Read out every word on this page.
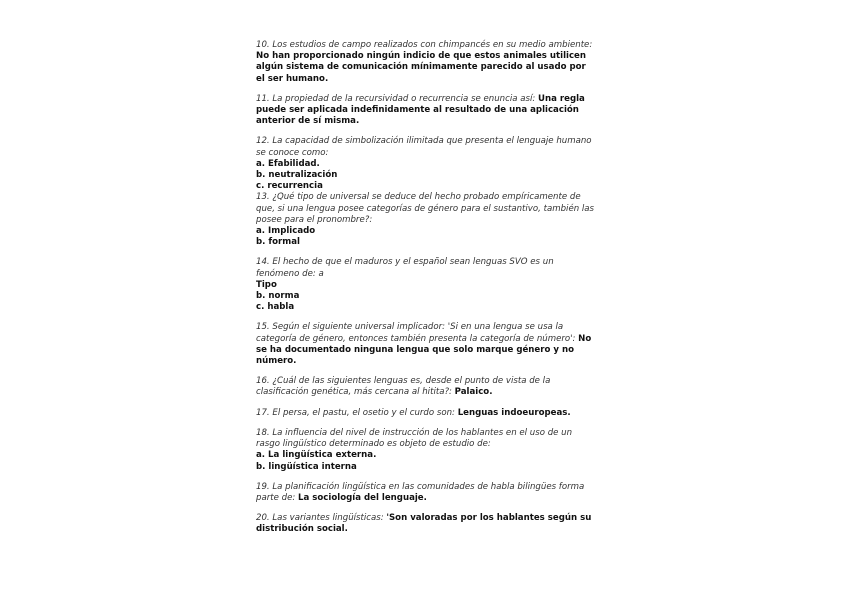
10. Los estudios de campo realizados con chimpancés en su medio ambiente: No han proporcionado ningún indicio de que estos animales utilicen algún sistema de comunicación mínimamente parecido al usado por el ser humano.
11. La propiedad de la recursividad o recurrencia se enuncia así: Una regla puede ser aplicada indefinidamente al resultado de una aplicación anterior de sí misma.
12. La capacidad de simbolización ilimitada que presenta el lenguaje humano se conoce como:
a. Efabilidad.
b. neutralización
c. recurrencia
13. ¿Qué tipo de universal se deduce del hecho probado empíricamente de que, si una lengua posee categorías de género para el sustantivo, también las posee para el pronombre?:
a. Implicado
b. formal
14. El hecho de que el maduros y el español sean lenguas SVO es un fenómeno de: a
Tipo
b. norma
c. habla
15. Según el siguiente universal implicador: 'Si en una lengua se usa la categoría de género, entonces también presenta la categoría de número': No se ha documentado ninguna lengua que solo marque género y no número.
16. ¿Cuál de las siguientes lenguas es, desde el punto de vista de la clasificación genética, más cercana al hitita?: Palaico.
17. El persa, el pastu, el osetio y el curdo son: Lenguas indoeuropeas.
18. La influencia del nivel de instrucción de los hablantes en el uso de un rasgo lingüístico determinado es objeto de estudio de:
a. La lingüística externa.
b. lingüística interna
19. La planificación lingüística en las comunidades de habla bilingües forma parte de: La sociología del lenguaje.
20. Las variantes lingüísticas: 'Son valoradas por los hablantes según su distribución social.
